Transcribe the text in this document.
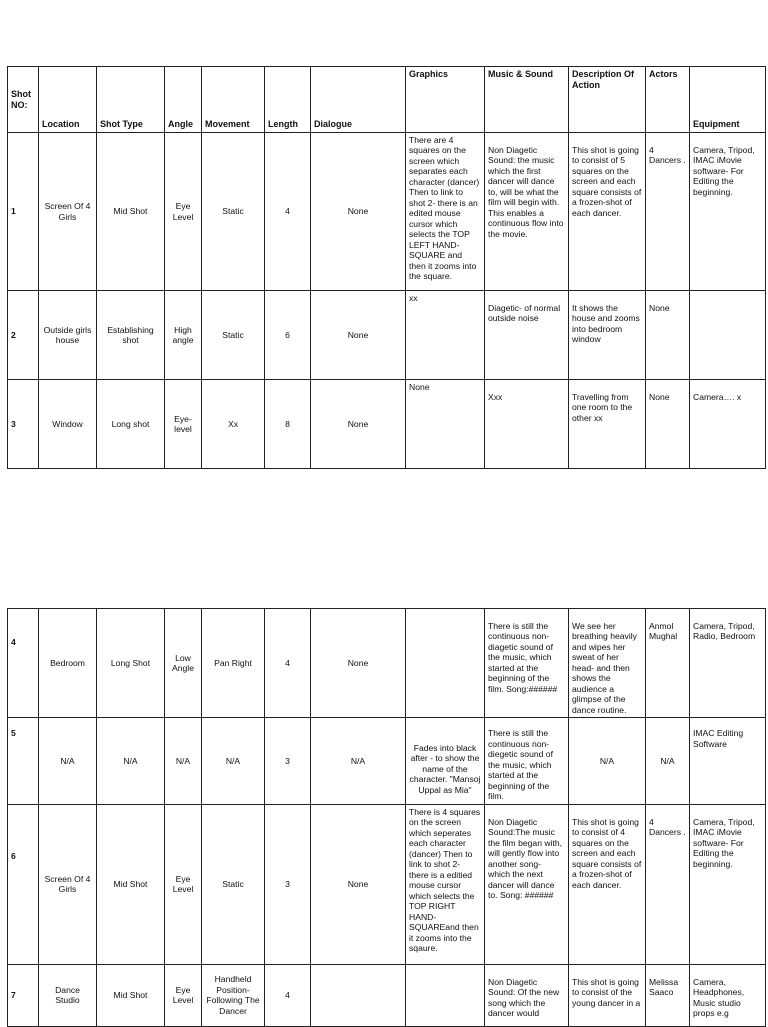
Shot NO:	Location	Shot Type	Angle	Movement	Length	Dialogue	Graphics	Music & Sound	Description Of Action	Actors	Equipment
1	Screen Of 4 Girls	Mid Shot	Eye Level	Static	4	None	There are 4 squares on the screen which separates each character (dancer) Then to link to shot 2- there is an edited mouse cursor which selects the TOP LEFT HAND-SQUARE and then it zooms into the square.	Non Diagetic Sound: the music which the first dancer will dance to, will be what the film will begin with. This enables a continuous flow into the movie.	This shot is going to consist of 5 squares on the screen and each square consists of a frozen-shot of each dancer.	4 Dancers .	Camera, Tripod, IMAC iMovie software- For Editing the beginning.
2	Outside girls house	Establishing shot	High angle	Static	6	None	xx	Diagetic- of normal outside noise	It shows the house and zooms into bedroom window	None	
3	Window	Long shot	Eye-level	Xx	8	None	None	Xxx	Travelling from one room to the other xx	None	Camera…. x
4	Bedroom	Long Shot	Low Angle	Pan Right	4	None		There is still the continuous non-diagetic sound of the music, which started at the beginning of the film. Song:######	We see her breathing heavily and wipes her sweat of her head- and then shows the audience a glimpse of the dance routine.	Anmol Mughal	Camera, Tripod, Radio, Bedroom
5	N/A	N/A	N/A	N/A	3	N/A	Fades into black after - to show the name of the character. "Mansoj Uppal as Mia"	There is still the continuous non-diegetic sound of the music, which started at the beginning of the film.	N/A	N/A	IMAC Editing Software
6	Screen Of 4 Girls	Mid Shot	Eye Level	Static	3	None	There is 4 squares on the screen which seperates each character (dancer) Then to link to shot 2- there is a editied mouse cursor which selects the TOP RIGHT HAND-SQUAREand then it zooms into the sqaure.	Non Diagetic Sound:The music the film began with, will gently flow into another song- which the next dancer will dance to. Song: ######	This shot is going to consist of 4 squares on the screen and each square consists of a frozen-shot of each dancer.	4 Dancers .	Camera, Tripod, IMAC iMovie software- For Editing the beginning.
7	Dance Studio	Mid Shot	Eye Level	Handheld Position- Following The Dancer	4			Non Diagetic Sound: Of the new song which the dancer would	This shot is going to consist of the young dancer in a	Melissa Saaco	Camera, Headphones, Music studio props e.g
